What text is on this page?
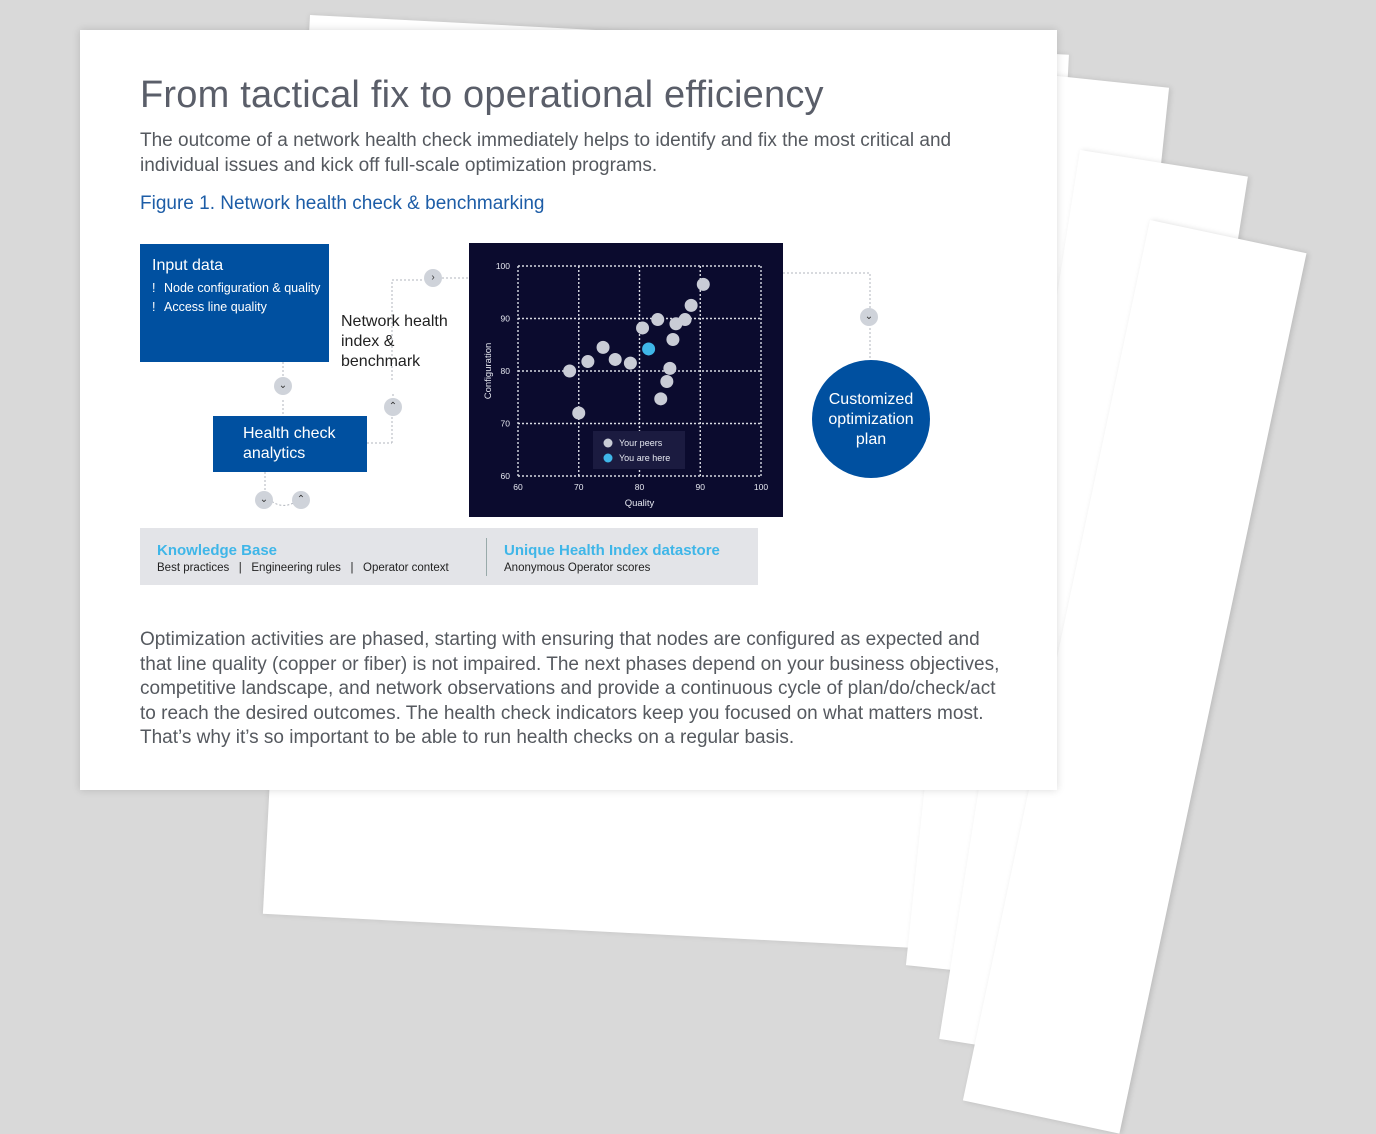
From tactical fix to operational efficiency
The outcome of a network health check immediately helps to identify and fix the most critical and individual issues and kick off full-scale optimization programs.
Figure 1. Network health check & benchmarking
Input data
! Node configuration & quality
! Access line quality
⌄
Health check analytics
⌄	⌃
⌃
›
Network health index & benchmark
60	70	80	90	100
60
70
80
90
100
Quality
Configuration
Your peers
You are here
⌄
Customized optimization plan
Knowledge Base
Best practices   |   Engineering rules   |   Operator context
Unique Health Index datastore
Anonymous Operator scores
Optimization activities are phased, starting with ensuring that nodes are configured as expected and that line quality (copper or fiber) is not impaired. The next phases depend on your business objectives, competitive landscape, and network observations and provide a continuous cycle of plan/do/check/act to reach the desired outcomes. The health check indicators keep you focused on what matters most. That’s why it’s so important to be able to run health checks on a regular basis.
